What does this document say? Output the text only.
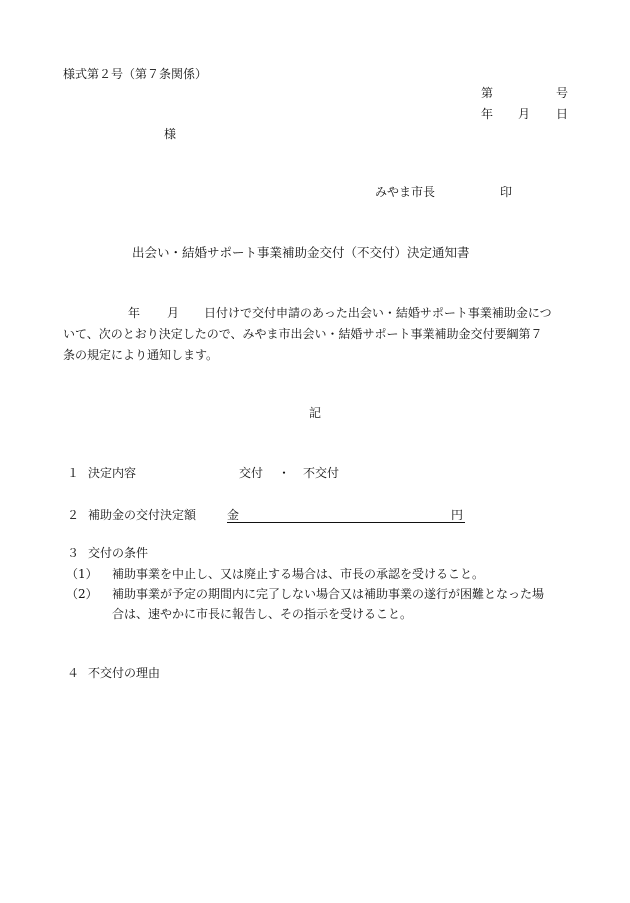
様式第２号（第７条関係）
第	号
年 月 日
様
みやま市長	印
出会い・結婚サポート事業補助金交付（不交付）決定通知書
年 月 日付けで交付申請のあった出会い・結婚サポート事業補助金につ
いて、次のとおり決定したので、みやま市出会い・結婚サポート事業補助金交付要綱第７
条の規定により通知します。
記
１ 決定内容	交付 ・ 不交付
２ 補助金の交付決定額	金	円
３ 交付の条件
（1） 補助事業を中止し、又は廃止する場合は、市長の承認を受けること。
（2） 補助事業が予定の期間内に完了しない場合又は補助事業の遂行が困難となった場
合は、速やかに市長に報告し、その指示を受けること。
４ 不交付の理由
